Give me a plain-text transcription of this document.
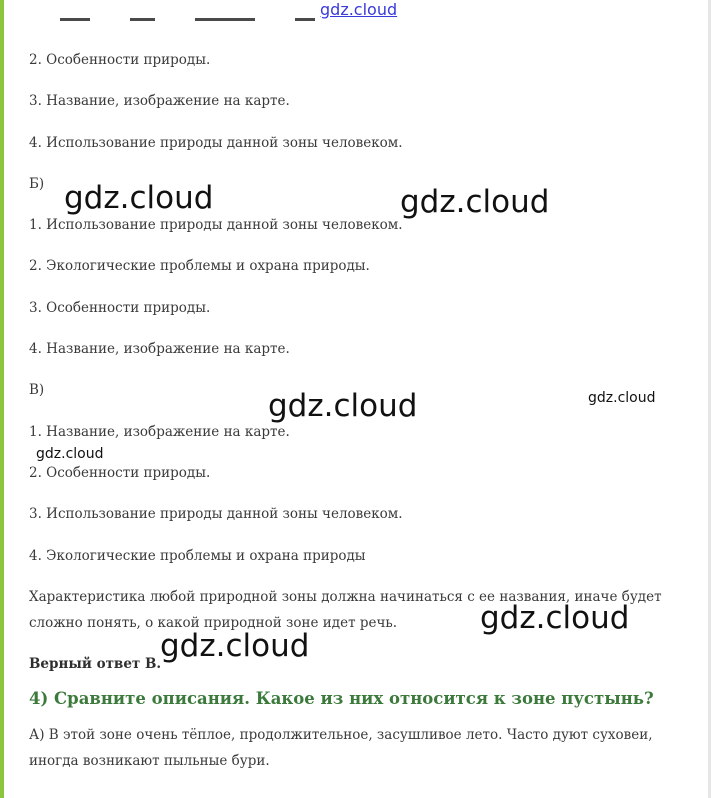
2. Особенности природы.
3. Название, изображение на карте.
4. Использование природы данной зоны человеком.
Б)
1. Использование природы данной зоны человеком.
2. Экологические проблемы и охрана природы.
3. Особенности природы.
4. Название, изображение на карте.
В)
1. Название, изображение на карте.
2. Особенности природы.
3. Использование природы данной зоны человеком.
4. Экологические проблемы и охрана природы
Характеристика любой природной зоны должна начинаться с ее названия, иначе будет сложно понять, о какой природной зоне идет речь.
Верный ответ В.
4) Сравните описания. Какое из них относится к зоне пустынь?
А) В этой зоне очень тёплое, продолжительное, засушливое лето. Часто дуют суховеи, иногда возникают пыльные бури.
gdz.cloud
gdz.cloud	gdz.cloud
gdz.cloud	gdz.cloud
gdz.cloud
gdz.cloud
gdz.cloud
